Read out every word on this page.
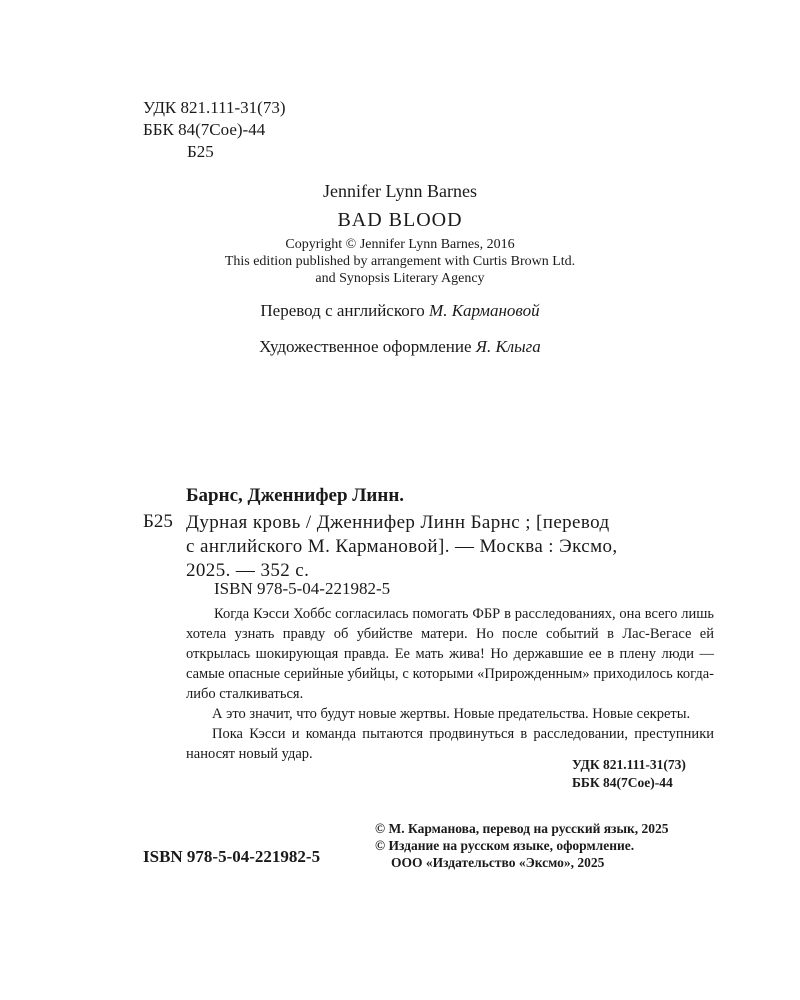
УДК 821.111-31(73)
ББК 84(7Сое)-44
Б25
Jennifer Lynn Barnes
BAD BLOOD
Copyright © Jennifer Lynn Barnes, 2016
This edition published by arrangement with Curtis Brown Ltd.
and Synopsis Literary Agency
Перевод с английского М. Кармановой
Художественное оформление Я. Клыга
Барнс, Дженнифер Линн.
Б25 Дурная кровь / Дженнифер Линн Барнс ; [перевод
с английского М. Кармановой]. — Москва : Эксмо,
2025. — 352 с.
ISBN 978-5-04-221982-5

Когда Кэсси Хоббс согласилась помогать ФБР в расследованиях, она всего лишь хотела узнать правду об убийстве матери. Но после событий в Лас-Вегасе ей открылась шокирующая правда. Ее мать жива! Но державшие ее в плену люди — самые опасные серийные убийцы, с которыми «Прирожденным» приходилось когда-либо сталкиваться.

А это значит, что будут новые жертвы. Новые предательства. Новые секреты.

Пока Кэсси и команда пытаются продвинуться в расследовании, преступники наносят новый удар.

УДК 821.111-31(73)
ББК 84(7Сое)-44
ISBN 978-5-04-221982-5
© М. Карманова, перевод на русский язык, 2025
© Издание на русском языке, оформление.
ООО «Издательство «Эксмо», 2025
